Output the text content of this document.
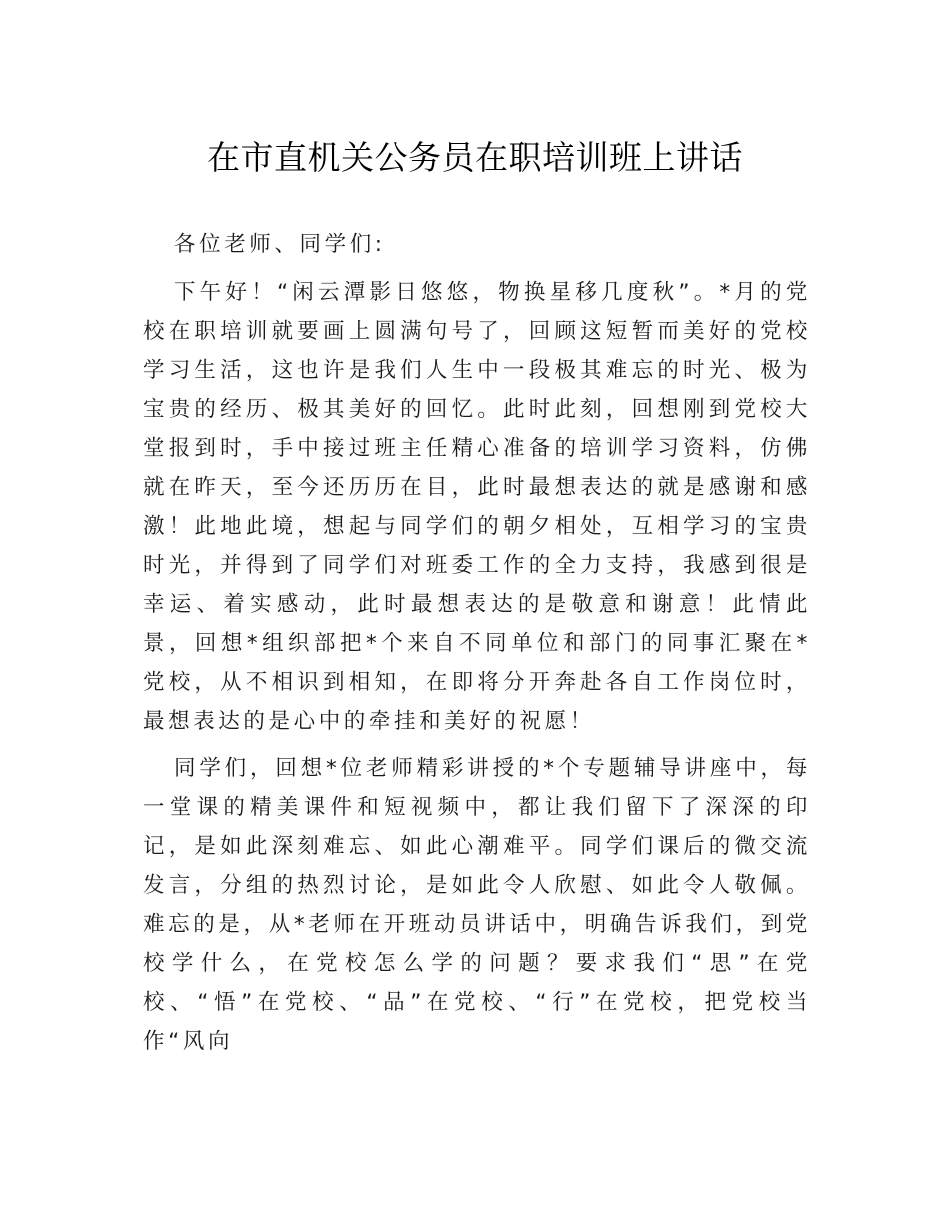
在市直机关公务员在职培训班上讲话

各位老师、同学们:

下午好！“闲云潭影日悠悠，物换星移几度秋”。*月的党校在职培训就要画上圆满句号了，回顾这短暂而美好的党校学习生活，这也许是我们人生中一段极其难忘的时光、极为宝贵的经历、极其美好的回忆。此时此刻，回想刚到党校大堂报到时，手中接过班主任精心准备的培训学习资料，仿佛就在昨天，至今还历历在目，此时最想表达的就是感谢和感激！此地此境，想起与同学们的朝夕相处，互相学习的宝贵时光，并得到了同学们对班委工作的全力支持，我感到很是幸运、着实感动，此时最想表达的是敬意和谢意！此情此景，回想*组织部把*个来自不同单位和部门的同事汇聚在*党校，从不相识到相知，在即将分开奔赴各自工作岗位时，最想表达的是心中的牵挂和美好的祝愿！

同学们，回想*位老师精彩讲授的*个专题辅导讲座中，每一堂课的精美课件和短视频中，都让我们留下了深深的印记，是如此深刻难忘、如此心潮难平。同学们课后的微交流发言，分组的热烈讨论，是如此令人欣慰、如此令人敬佩。难忘的是，从*老师在开班动员讲话中，明确告诉我们，到党校学什么，在党校怎么学的问题？要求我们“思”在党校、“悟”在党校、“品”在党校、“行”在党校，把党校当作“风向
